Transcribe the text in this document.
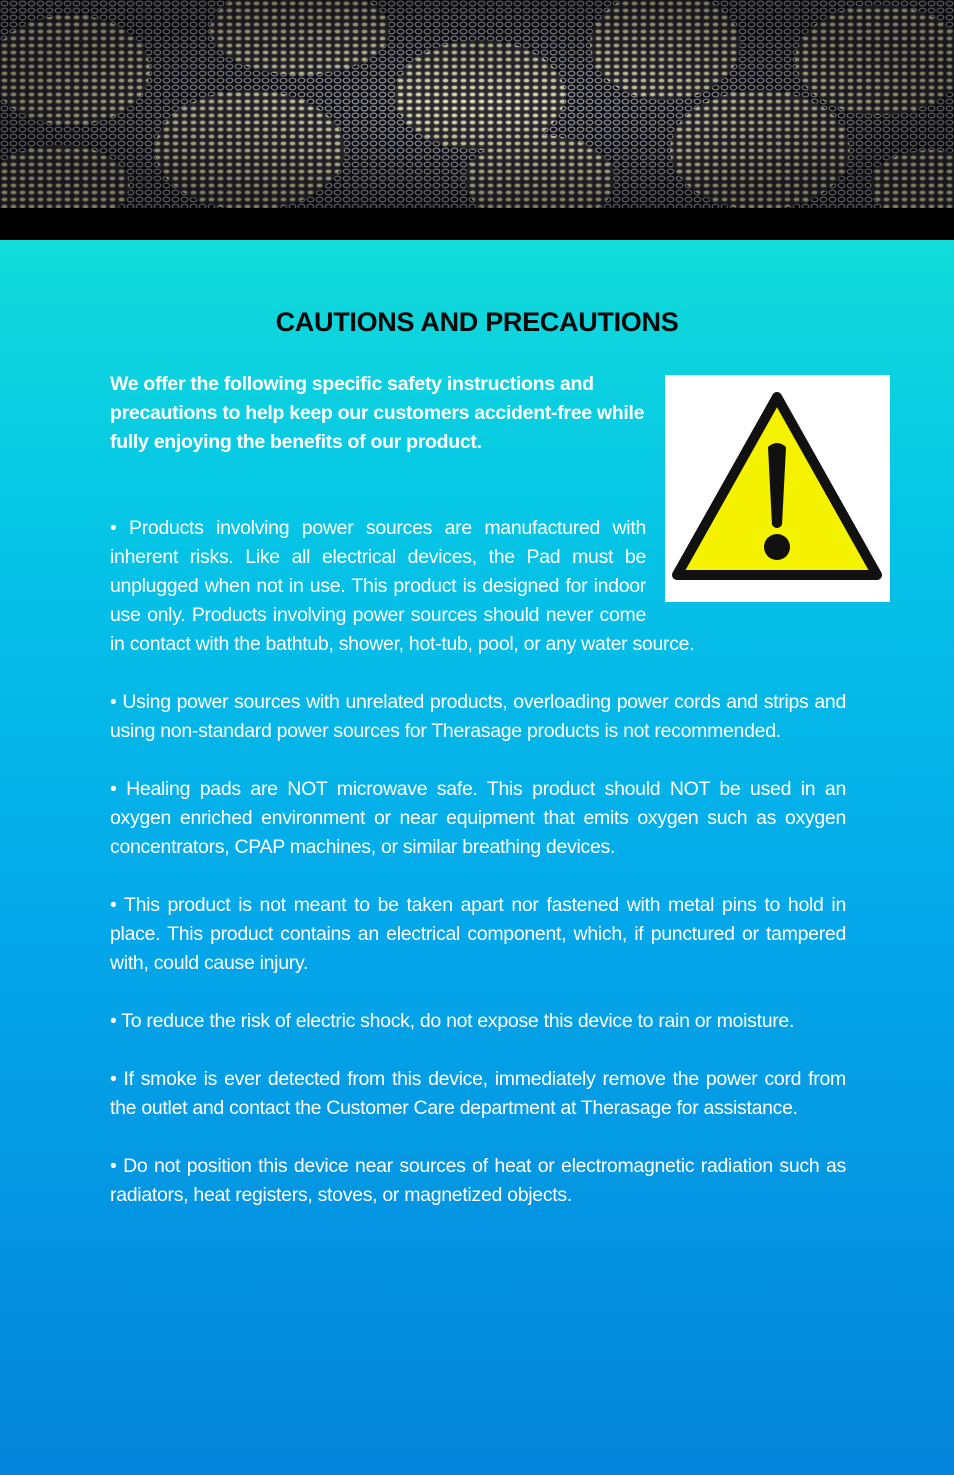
CAUTIONS AND PRECAUTIONS
We offer the following specific safety instructions and precautions to help keep our customers accident-free while fully enjoying the benefits of our product.

• Products involving power sources are manufactured with inherent risks. Like all electrical devices, the Pad must be unplugged when not in use. This product is designed for indoor use only. Products involving power sources should never come in contact with the bathtub, shower, hot-tub, pool, or any water source.

• Using power sources with unrelated products, overloading power cords and strips and using non-standard power sources for Therasage products is not recommended.

• Healing pads are NOT microwave safe. This product should NOT be used in an oxygen enriched environment or near equipment that emits oxygen such as oxygen concentrators, CPAP machines, or similar breathing devices.

• This product is not meant to be taken apart nor fastened with metal pins to hold in place. This product contains an electrical component, which, if punctured or tampered with, could cause injury.

• To reduce the risk of electric shock, do not expose this device to rain or moisture.

• If smoke is ever detected from this device, immediately remove the power cord from the outlet and contact the Customer Care department at Therasage for assistance.

• Do not position this device near sources of heat or electromagnetic radiation such as radiators, heat registers, stoves, or magnetized objects.
